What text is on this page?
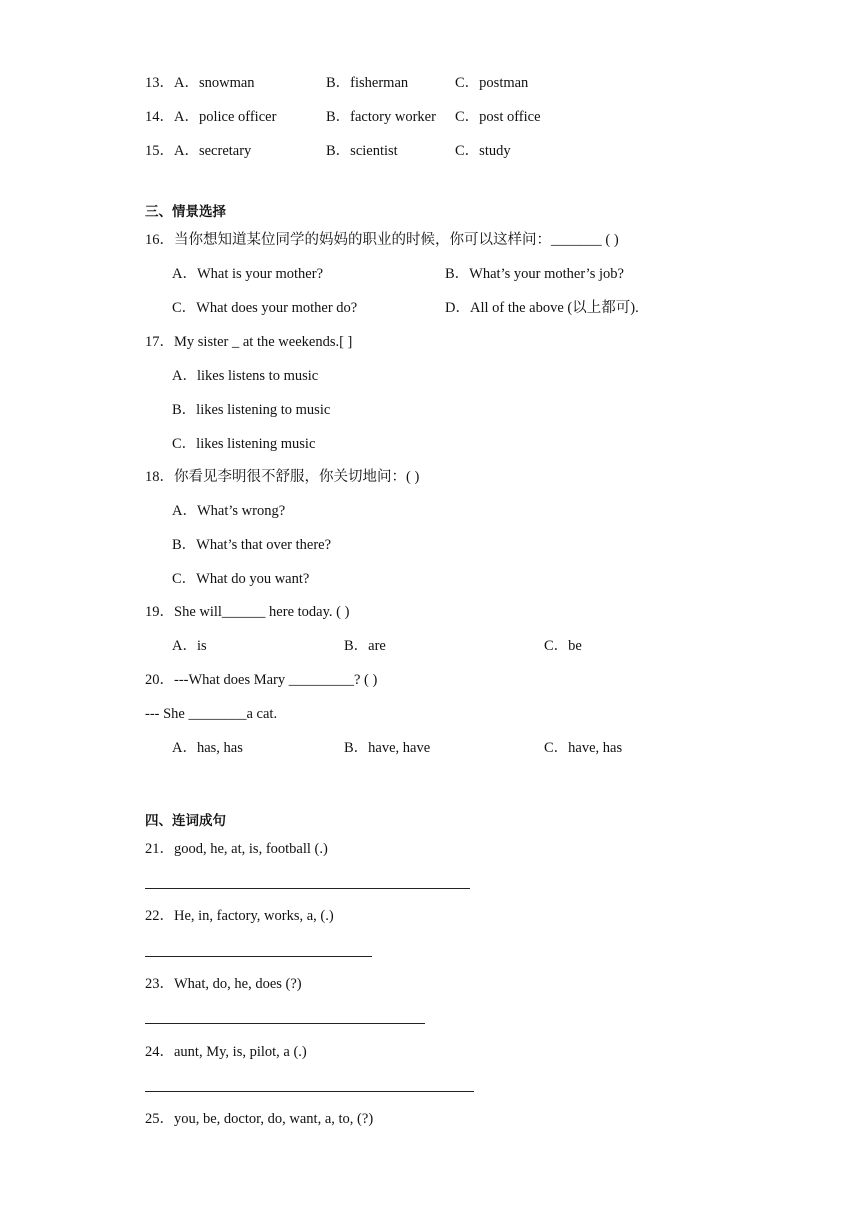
13． A．snowman	B．fisherman	C．postman
14． A．police officer	B．factory worker C．post office
15． A．secretary	B．scientist	C．study
三、情景选择
16．当你想知道某位同学的妈妈的职业的时候，你可以这样问：_______ ( )
A．What is your mother?	B．What’s your mother’s job?
C．What does your mother do?	D．All of the above (以上都可).
17．My sister _ at the weekends.[ ]
A．likes listens to music
B．likes listening to music
C．likes listening music
18．你看见李明很不舒服，你关切地问：( )
A．What’s wrong?
B．What’s that over there?
C．What do you want?
19．She will______ here today. ( )
A．is	B．are	C．be
20．---What does Mary _________? ( )
--- She ________a cat.
A．has, has	B．have, have	C．have, has
四、连词成句
21．good, he, at, is, football (.)
22．He, in, factory, works, a, (.)
23．What, do, he, does (?)
24．aunt, My, is, pilot, a (.)
25．you, be, doctor, do, want, a, to, (?)
